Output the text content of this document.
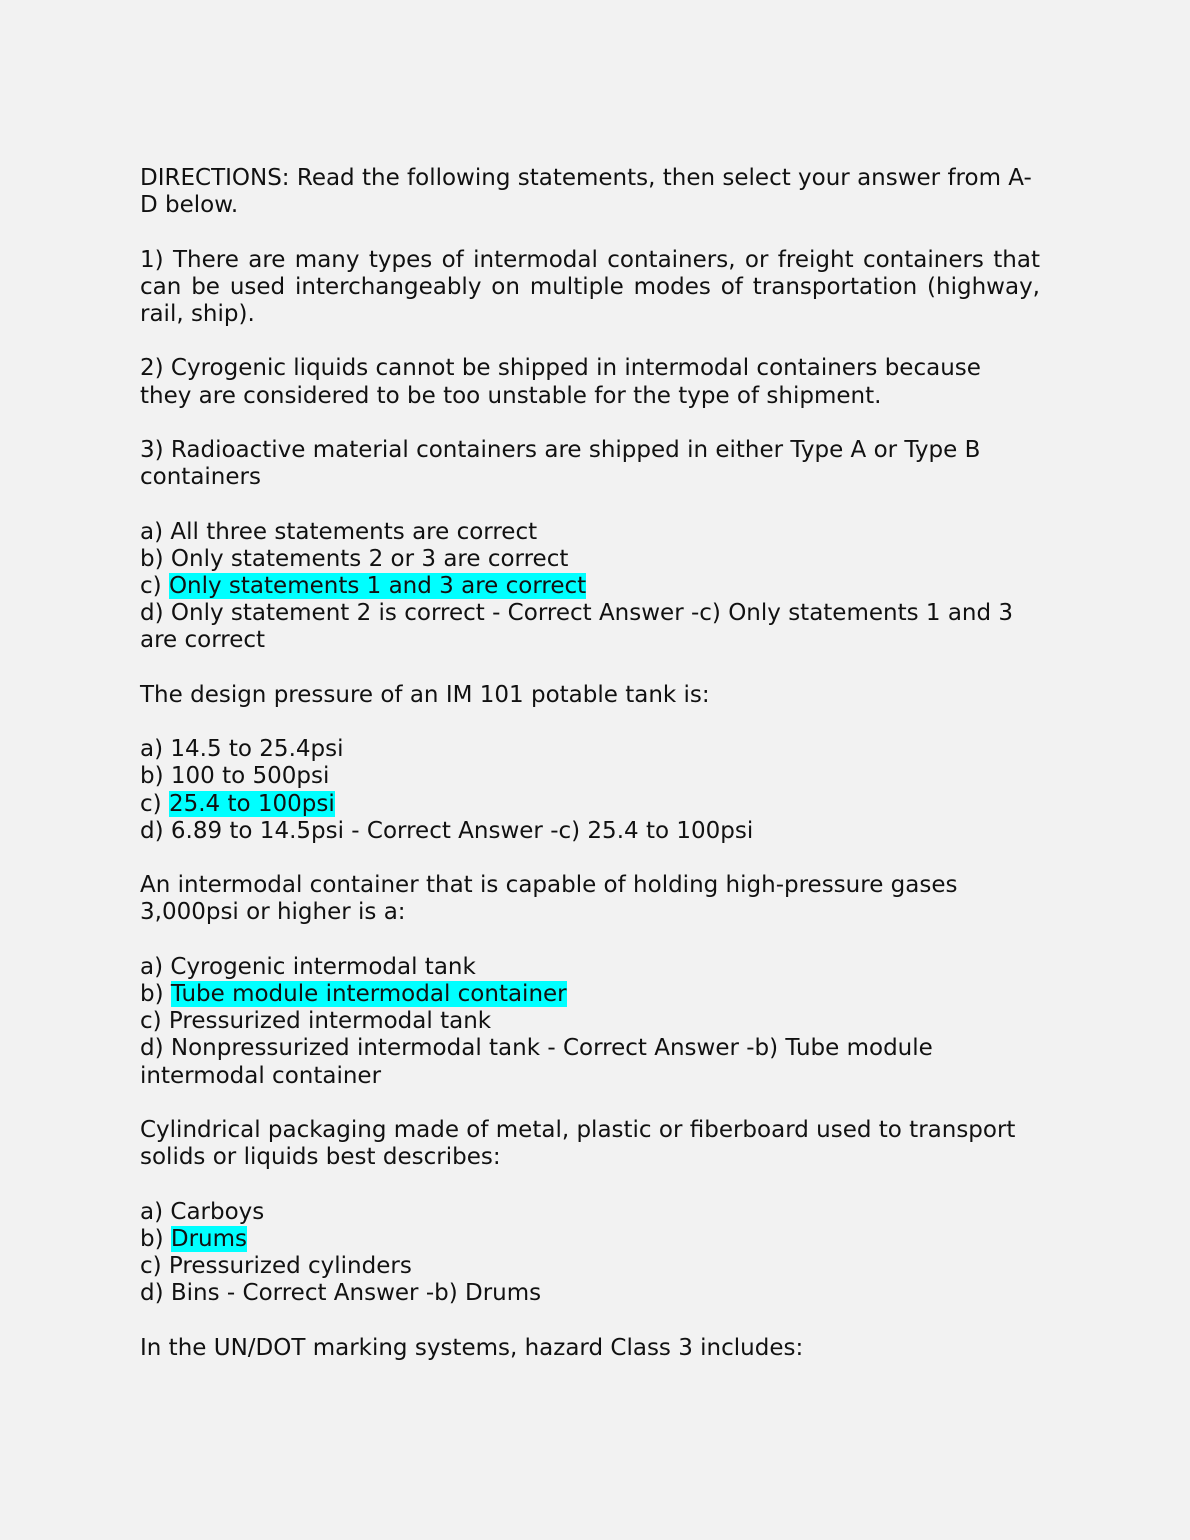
DIRECTIONS: Read the following statements, then select your answer from A-
D below.
1) There are many types of intermodal containers, or freight containers that can be used interchangeably on multiple modes of transportation (highway, rail, ship).
2) Cyrogenic liquids cannot be shipped in intermodal containers because
they are considered to be too unstable for the type of shipment.
3) Radioactive material containers are shipped in either Type A or Type B
containers
a) All three statements are correct
b) Only statements 2 or 3 are correct
c) Only statements 1 and 3 are correct
d) Only statement 2 is correct - Correct Answer -c) Only statements 1 and 3
are correct
The design pressure of an IM 101 potable tank is:
a) 14.5 to 25.4psi
b) 100 to 500psi
c) 25.4 to 100psi
d) 6.89 to 14.5psi - Correct Answer -c) 25.4 to 100psi
An intermodal container that is capable of holding high-pressure gases
3,000psi or higher is a:
a) Cyrogenic intermodal tank
b) Tube module intermodal container
c) Pressurized intermodal tank
d) Nonpressurized intermodal tank - Correct Answer -b) Tube module
intermodal container
Cylindrical packaging made of metal, plastic or fiberboard used to transport
solids or liquids best describes:
a) Carboys
b) Drums
c) Pressurized cylinders
d) Bins - Correct Answer -b) Drums
In the UN/DOT marking systems, hazard Class 3 includes:
